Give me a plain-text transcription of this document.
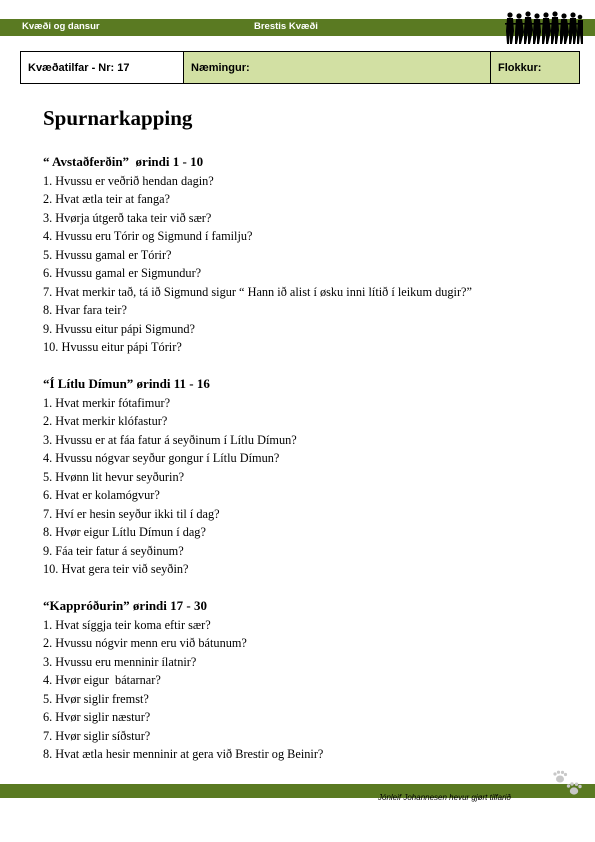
Kvæði og dansur	Brestis Kvæði
Kvæðatilfar - Nr: 17	Næmingur:	Flokkur:
Spurnarkapping
“ Avstaðferðin”  ørindi 1 - 10
1. Hvussu er veðrið hendan dagin?
2. Hvat ætla teir at fanga?
3. Hvørja útgerð taka teir við sær?
4. Hvussu eru Tórir og Sigmund í familju?
5. Hvussu gamal er Tórir?
6. Hvussu gamal er Sigmundur?
7. Hvat merkir tað, tá ið Sigmund sigur “ Hann ið alist í øsku inni lítið í leikum dugir?”
8. Hvar fara teir?
9. Hvussu eitur pápi Sigmund?
10. Hvussu eitur pápi Tórir?
“Í Lítlu Dímun” ørindi 11 - 16
1. Hvat merkir fótafimur?
2. Hvat merkir klófastur?
3. Hvussu er at fáa fatur á seyðinum í Lítlu Dímun?
4. Hvussu nógvar seyður gongur í Lítlu Dímun?
5. Hvønn lit hevur seyðurin?
6. Hvat er kolamógvur?
7. Hví er hesin seyður ikki til í dag?
8. Hvør eigur Lítlu Dímun í dag?
9. Fáa teir fatur á seyðinum?
10. Hvat gera teir við seyðin?
“Kappróðurin” ørindi 17 - 30
1. Hvat síggja teir koma eftir sær?
2. Hvussu nógvir menn eru við bátunum?
3. Hvussu eru menninir ílatnir?
4. Hvør eigur  bátarnar?
5. Hvør siglir fremst?
6. Hvør siglir næstur?
7. Hvør siglir síðstur?
8. Hvat ætla hesir menninir at gera við Brestir og Beinir?
Jónleif Johannesen hevur gjørt tilfarið
